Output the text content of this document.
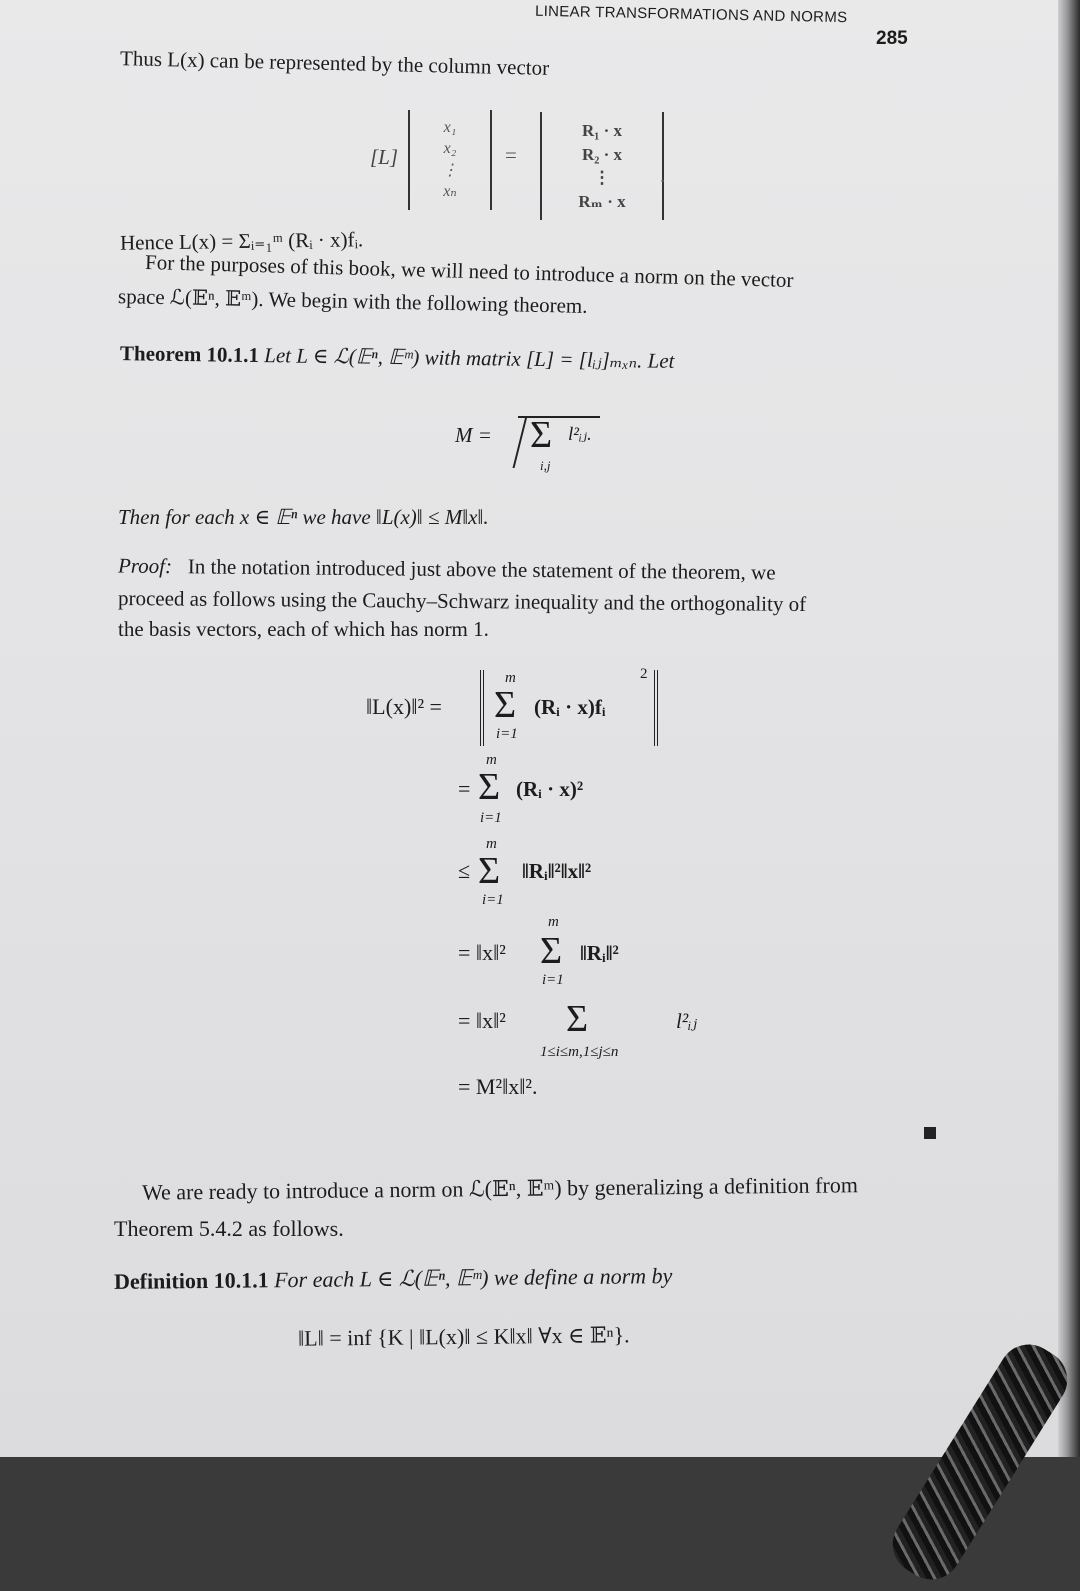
LINEAR TRANSFORMATIONS AND NORMS
285
Thus L(x) can be represented by the column vector
[L]
x₁
x₂
⋮
xₙ
=
R₁ · x
R₂ · x
⋮
Rₘ · x
.
Hence L(x) = Σᵢ₌₁ᵐ (Rᵢ · x)fᵢ.
For the purposes of this book, we will need to introduce a norm on the vector
space ℒ(𝔼ⁿ, 𝔼ᵐ). We begin with the following theorem.
Theorem 10.1.1 Let L ∈ ℒ(𝔼ⁿ, 𝔼ᵐ) with matrix [L] = [lᵢⱼ]ₘₓₙ. Let
M = Σ l²ᵢⱼ.
i,j
Then for each x ∈ 𝔼ⁿ we have ‖L(x)‖ ≤ M‖x‖.
Proof: In the notation introduced just above the statement of the theorem, we
proceed as follows using the Cauchy–Schwarz inequality and the orthogonality of
the basis vectors, each of which has norm 1.
‖L(x)‖² =
m
Σ
i=1
(Rᵢ · x)fᵢ
2
=
m
Σ
i=1
(Rᵢ · x)²
≤
m
Σ
i=1
‖Rᵢ‖²‖x‖²
= ‖x‖²
m
Σ
i=1
‖Rᵢ‖²
= ‖x‖² Σ
1≤i≤m,1≤j≤n
l²ᵢⱼ
= M²‖x‖².
We are ready to introduce a norm on ℒ(𝔼ⁿ, 𝔼ᵐ) by generalizing a definition from
Theorem 5.4.2 as follows.
Definition 10.1.1 For each L ∈ ℒ(𝔼ⁿ, 𝔼ᵐ) we define a norm by
‖L‖ = inf {K | ‖L(x)‖ ≤ K‖x‖ ∀x ∈ 𝔼ⁿ}.
